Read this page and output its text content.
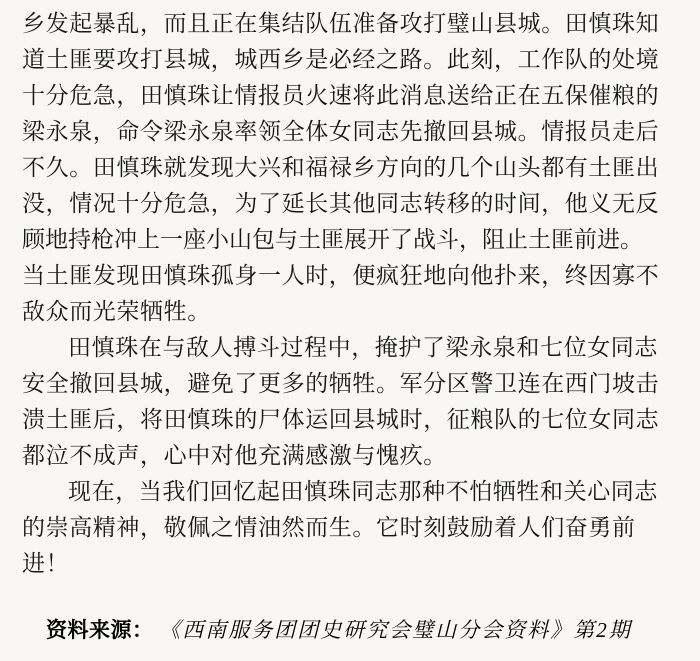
乡发起暴乱，而且正在集结队伍准备攻打璧山县城。田慎珠知
道土匪要攻打县城，城西乡是必经之路。此刻，工作队的处境
十分危急，田慎珠让情报员火速将此消息送给正在五保催粮的
梁永泉，命令梁永泉率领全体女同志先撤回县城。情报员走后
不久。田慎珠就发现大兴和福禄乡方向的几个山头都有土匪出
没，情况十分危急，为了延长其他同志转移的时间，他义无反
顾地持枪冲上一座小山包与土匪展开了战斗，阻止土匪前进。
当土匪发现田慎珠孤身一人时，便疯狂地向他扑来，终因寡不
敌众而光荣牺牲。
田慎珠在与敌人搏斗过程中，掩护了梁永泉和七位女同志
安全撤回县城，避免了更多的牺牲。军分区警卫连在西门坡击
溃土匪后，将田慎珠的尸体运回县城时，征粮队的七位女同志
都泣不成声，心中对他充满感激与愧疚。
现在，当我们回忆起田慎珠同志那种不怕牺牲和关心同志
的崇高精神，敬佩之情油然而生。它时刻鼓励着人们奋勇前
进！
资料来源： 《西南服务团团史研究会璧山分会资料》第2期
